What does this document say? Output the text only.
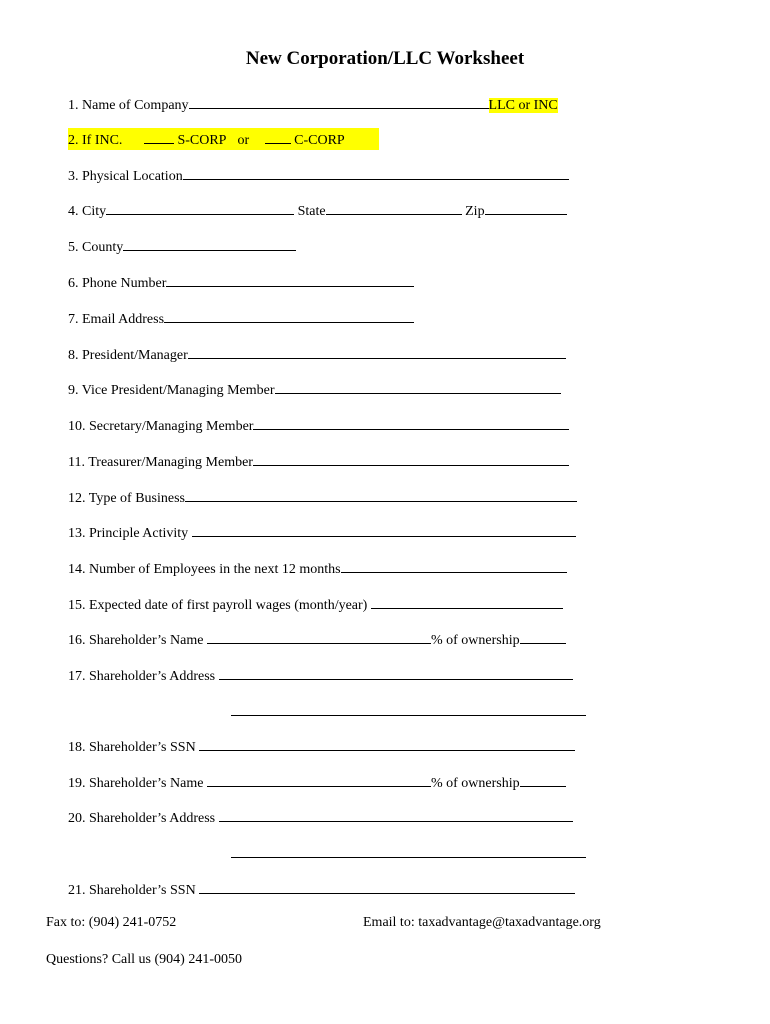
New Corporation/LLC Worksheet
1. Name of Company	LLC or INC
2. If INC.	S-CORP or	C-CORP
3. Physical Location
4. City	State	Zip
5. County
6. Phone Number
7. Email Address
8. President/Manager
9. Vice President/Managing Member
10. Secretary/Managing Member
11. Treasurer/Managing Member
12. Type of Business
13. Principle Activity
14. Number of Employees in the next 12 months
15. Expected date of first payroll wages (month/year)
16. Shareholder’s Name	% of ownership
17. Shareholder’s Address
18. Shareholder’s SSN
19. Shareholder’s Name	% of ownership
20. Shareholder’s Address
21. Shareholder’s SSN
Fax to: (904) 241-0752	Email to: taxadvantage@taxadvantage.org
Questions? Call us (904) 241-0050
